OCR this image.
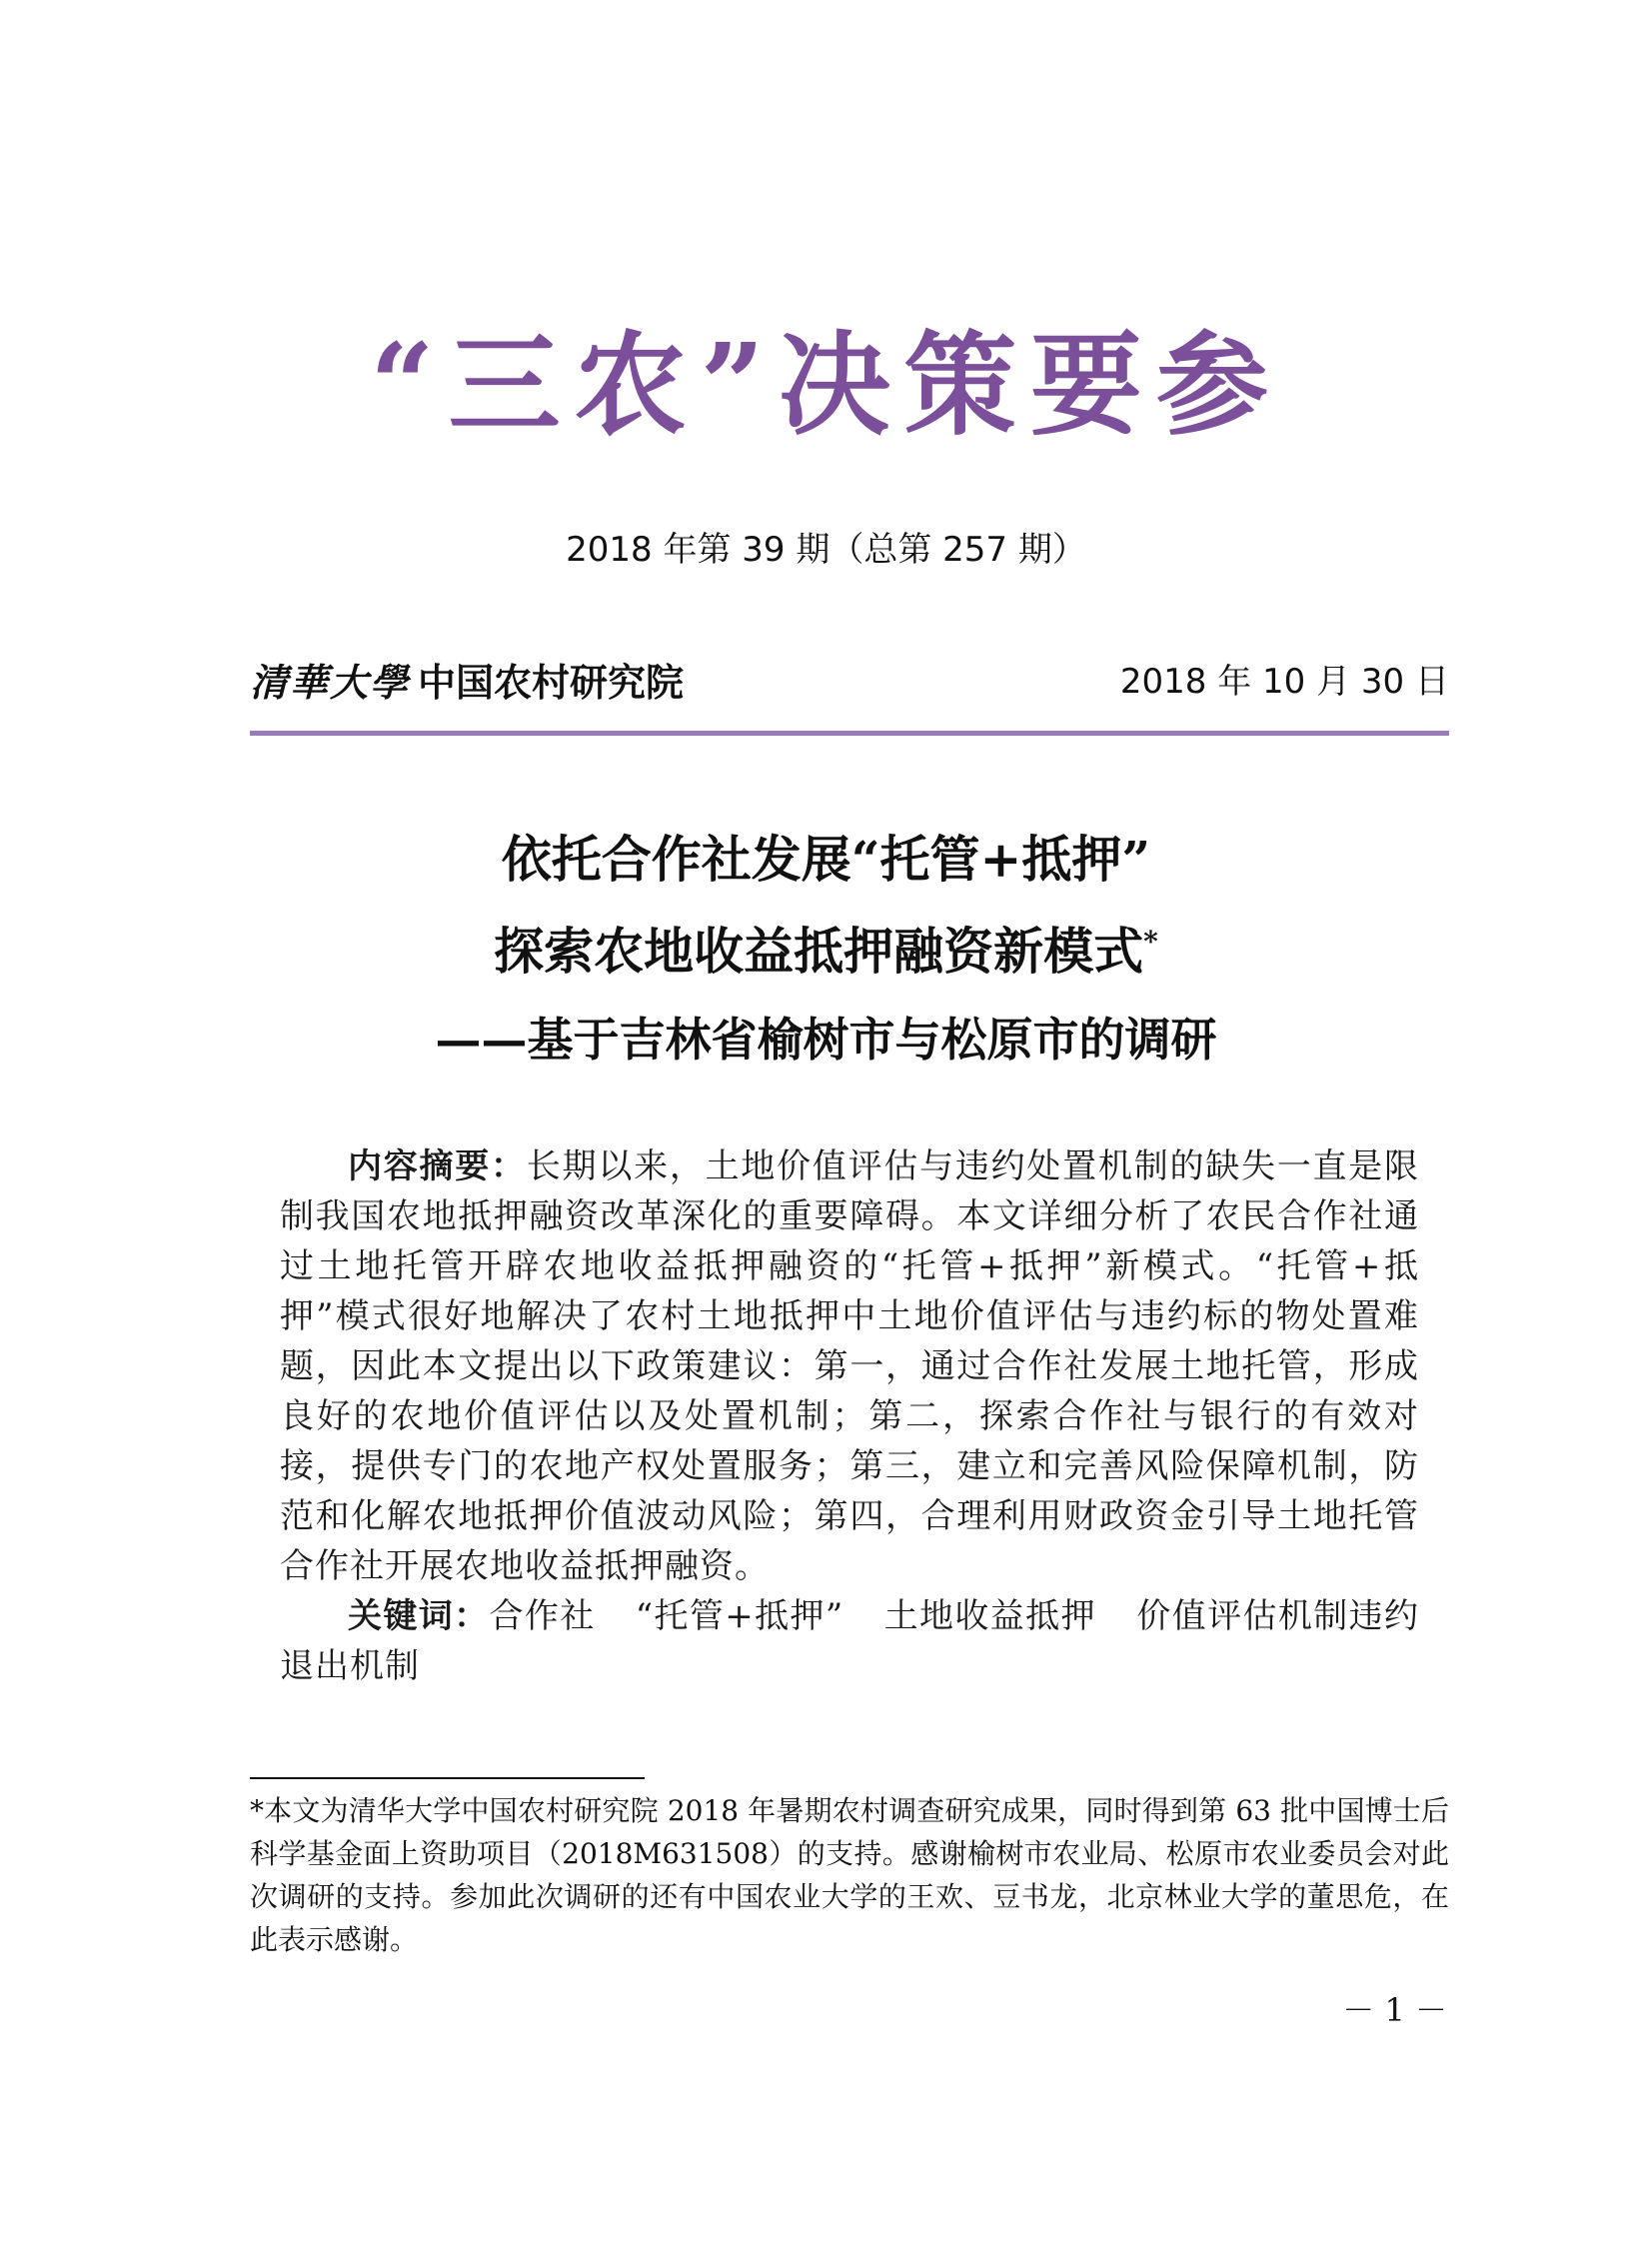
“三农”决策要参
2018 年第 39 期（总第 257 期）
清華大學 中国农村研究院	2018 年 10 月 30 日
依托合作社发展“托管+抵押”
探索农地收益抵押融资新模式*
——基于吉林省榆树市与松原市的调研

内容摘要：长期以来，土地价值评估与违约处置机制的缺失一直是限制我国农地抵押融资改革深化的重要障碍。本文详细分析了农民合作社通过土地托管开辟农地收益抵押融资的“托管+抵押”新模式。“托管+抵押”模式很好地解决了农村土地抵押中土地价值评估与违约标的物处置难题，因此本文提出以下政策建议：第一，通过合作社发展土地托管，形成良好的农地价值评估以及处置机制；第二，探索合作社与银行的有效对接，提供专门的农地产权处置服务；第三，建立和完善风险保障机制，防范和化解农地抵押价值波动风险；第四，合理利用财政资金引导土地托管合作社开展农地收益抵押融资。

关键词：合作社 “托管+抵押” 土地收益抵押 价值评估机制违约退出机制

*本文为清华大学中国农村研究院 2018 年暑期农村调查研究成果，同时得到第 63 批中国博士后科学基金面上资助项目（2018M631508）的支持。感谢榆树市农业局、松原市农业委员会对此次调研的支持。参加此次调研的还有中国农业大学的王欢、豆书龙，北京林业大学的董思危，在此表示感谢。
－ 1 －
